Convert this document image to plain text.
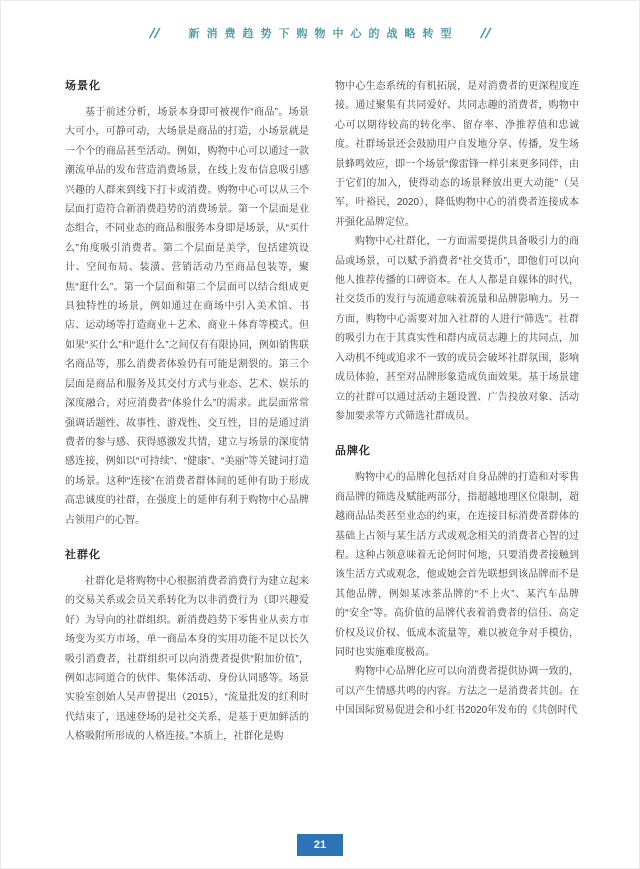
//	新消费趋势下购物中心的战略转型 //
场景化

基于前述分析，场景本身即可被视作“商品”。场景大可小，可静可动，大场景是商品的打造，小场景就是一个个的商品甚至活动。例如，购物中心可以通过一款潮流单品的发布营造消费场景，在线上发布信息吸引感兴趣的人群来到线下打卡或消费。购物中心可以从三个层面打造符合新消费趋势的消费场景。第一个层面是业态组合，不同业态的商品和服务本身即是场景，从“买什么”角度吸引消费者。第二个层面是美学，包括建筑设计、空间布局、装潢、营销活动乃至商品包装等，聚焦“逛什么”。第一个层面和第二个层面可以结合组成更具独特性的场景，例如通过在商场中引入美术馆、书店、运动场等打造商业＋艺术、商业＋体育等模式。但如果“买什么”和“逛什么”之间仅有有限协同，例如销售联名商品等，那么消费者体验仍有可能是割裂的。第三个层面是商品和服务及其交付方式与业态、艺术、娱乐的深度融合，对应消费者“体验什么”的需求。此层面常常强调话题性、故事性、游戏性、交互性，目的是通过消费者的参与感、获得感激发共情，建立与场景的深度情感连接，例如以“可持续”、“健康”、“美丽”等关键词打造的场景。这种“连接”在消费者群体间的延伸有助于形成高忠诚度的社群，在强度上的延伸有利于购物中心品牌占领用户的心智。

社群化

社群化是将购物中心根据消费者消费行为建立起来的交易关系或会员关系转化为以非消费行为（即兴趣爱好）为导向的社群组织。新消费趋势下零售业从卖方市场变为买方市场，单一商品本身的实用功能不足以长久吸引消费者，社群组织可以向消费者提供“附加价值”，例如志同道合的伙伴、集体活动、身份认同感等。场景实验室创始人吴声曾提出（2015），“流量批发的红利时代结束了，迅速登场的是社交关系，是基于更加鲜活的人格吸附所形成的人格连接。”本质上，社群化是购

物中心生态系统的有机拓展，是对消费者的更深程度连接。通过聚集有共同爱好、共同志趣的消费者，购物中心可以期待较高的转化率、留存率、净推荐值和忠诚度。社群场景还会鼓励用户自发地分享、传播，发生场景蜂鸣效应，即一个场景“像雷锋一样引来更多同伴，由于它们的加入，使得动态的场景释放出更大动能”（吴军，叶裕民，2020），降低购物中心的消费者连接成本并强化品牌定位。

购物中心社群化，一方面需要提供具备吸引力的商品或场景，可以赋予消费者“社交货币”，即他们可以向他人推荐传播的口碑资本。在人人都是自媒体的时代，社交货币的发行与流通意味着流量和品牌影响力。另一方面，购物中心需要对加入社群的人进行“筛选”。社群的吸引力在于其真实性和群内成员志趣上的共同点，加入动机不纯或追求不一致的成员会破坏社群氛围，影响成员体验，甚至对品牌形象造成负面效果。基于场景建立的社群可以通过活动主题设置、广告投放对象、活动参加要求等方式筛选社群成员。

品牌化

购物中心的品牌化包括对自身品牌的打造和对零售商品牌的筛选及赋能两部分，指超越地理区位限制，超越商品品类甚至业态的约束，在连接目标消费者群体的基础上占领与某生活方式或观念相关的消费者心智的过程。这种占领意味着无论何时何地，只要消费者接触到该生活方式或观念，他或她会首先联想到该品牌而不是其他品牌，例如某冰茶品牌的“不上火”、某汽车品牌的“安全”等。高价值的品牌代表着消费者的信任、高定价权及议价权、低成本流量等，难以被竞争对手模仿，同时也实施难度极高。

购物中心品牌化应可以向消费者提供协调一致的，可以产生情感共鸣的内容。方法之一是消费者共创。在中国国际贸易促进会和小红书2020年发布的《共创时代

21
